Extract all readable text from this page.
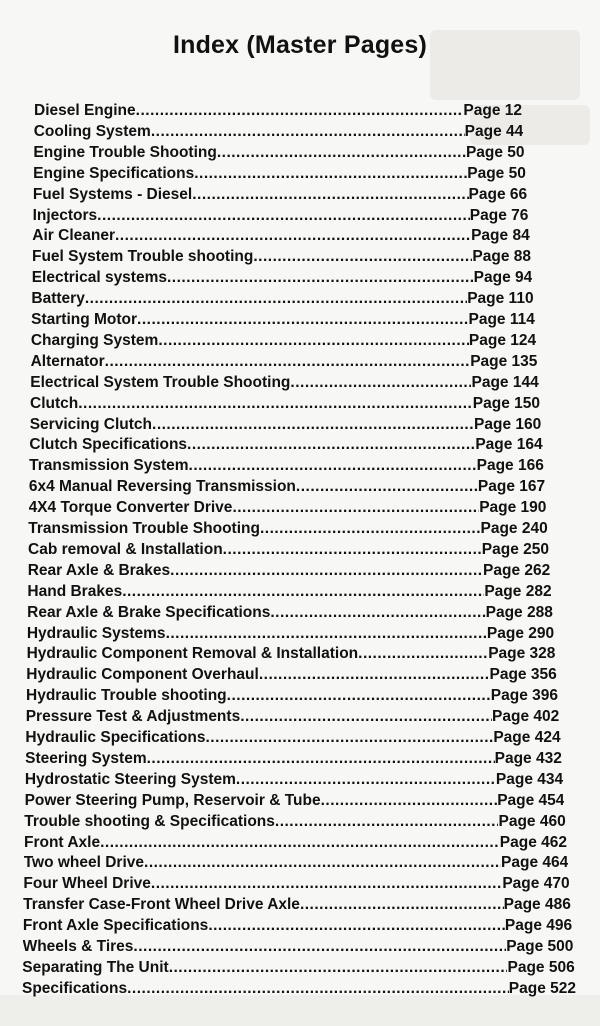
Index (Master Pages)
Diesel Engine .....	Page 12
Cooling System .....	Page 44
Engine Trouble Shooting .....	Page 50
Engine Specifications .....	Page 50
Fuel Systems - Diesel .....	Page 66
Injectors .....	Page 76
Air Cleaner .....	Page 84
Fuel System Trouble shooting .....	Page 88
Electrical systems .....	Page 94
Battery .....	Page 110
Starting Motor .....	Page 114
Charging System .....	Page 124
Alternator .....	Page 135
Electrical System Trouble Shooting .....	Page 144
Clutch .....	Page 150
Servicing Clutch .....	Page 160
Clutch Specifications .....	Page 164
Transmission System .....	Page 166
6x4 Manual Reversing Transmission .....	Page 167
4X4 Torque Converter Drive .....	Page 190
Transmission Trouble Shooting .....	Page 240
Cab removal & Installation .....	Page 250
Rear Axle & Brakes .....	Page 262
Hand Brakes .....	Page 282
Rear Axle & Brake Specifications .....	Page 288
Hydraulic Systems .....	Page 290
Hydraulic Component Removal & Installation .....	Page 328
Hydraulic Component Overhaul .....	Page 356
Hydraulic Trouble shooting .....	Page 396
Pressure Test & Adjustments .....	Page 402
Hydraulic Specifications .....	Page 424
Steering System .....	Page 432
Hydrostatic Steering System .....	Page 434
Power Steering Pump, Reservoir & Tube .....	Page 454
Trouble shooting & Specifications .....	Page 460
Front Axle .....	Page 462
Two wheel Drive .....	Page 464
Four Wheel Drive .....	Page 470
Transfer Case-Front Wheel Drive Axle .....	Page 486
Front Axle Specifications .....	Page 496
Wheels & Tires .....	Page 500
Separating The Unit .....	Page 506
Specifications .....	Page 522
